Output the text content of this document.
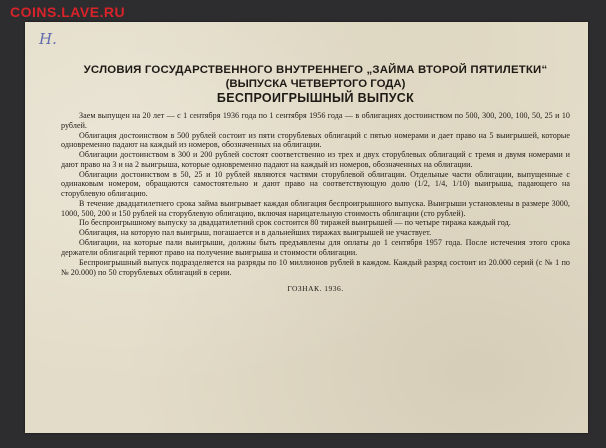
COINS.LAVE.RU
Н.
УСЛОВИЯ ГОСУДАРСТВЕННОГО ВНУТРЕННЕГО „ЗАЙМА ВТОРОЙ ПЯТИЛЕТКИ“
(ВЫПУСКА ЧЕТВЕРТОГО ГОДА)
БЕСПРОИГРЫШНЫЙ ВЫПУСК

Заем выпущен на 20 лет — с 1 сентября 1936 года по 1 сентября 1956 года — в облигациях достоинством по 500, 300, 200, 100, 50, 25 и 10 рублей.

Облигация достоинством в 500 рублей состоит из пяти сторублевых облигаций с пятью номерами и дает право на 5 выигрышей, которые одновременно падают на каждый из номеров, обозначенных на облигации.

Облигации достоинством в 300 и 200 рублей состоят соответственно из трех и двух сторублевых облигаций с тремя и двумя номерами и дают право на 3 и на 2 выигрыша, которые одновременно падают на каждый из номеров, обозначенных на облигации.

Облигации достоинством в 50, 25 и 10 рублей являются частями сторублевой облигации. Отдельные части облигации, выпущенные с одинаковым номером, обращаются самостоятельно и дают право на соответствующую долю (1/2, 1/4, 1/10) выигрыша, падающего на сторублевую облигацию.

В течение двадцатилетнего срока займа выигрывает каждая облигация беспроигрышного выпуска. Выигрыши установлены в размере 3000, 1000, 500, 200 и 150 рублей на сторублевую облигацию, включая нарицательную стоимость облигации (сто рублей).

По беспроигрышному выпуску за двадцатилетний срок состоится 80 тиражей выигрышей — по четыре тиража каждый год.

Облигация, на которую пал выигрыш, погашается и в дальнейших тиражах выигрышей не участвует.

Облигации, на которые пали выигрыши, должны быть предъявлены для оплаты до 1 сентября 1957 года. После истечения этого срока держатели облигаций теряют право на получение выигрыша и стоимости облигации.

Беспроигрышный выпуск подразделяется на разряды по 10 миллионов рублей в каждом. Каждый разряд состоит из 20.000 серий (с № 1 по № 20.000) по 50 сторублевых облигаций в серии.

ГОЗНАК. 1936.
